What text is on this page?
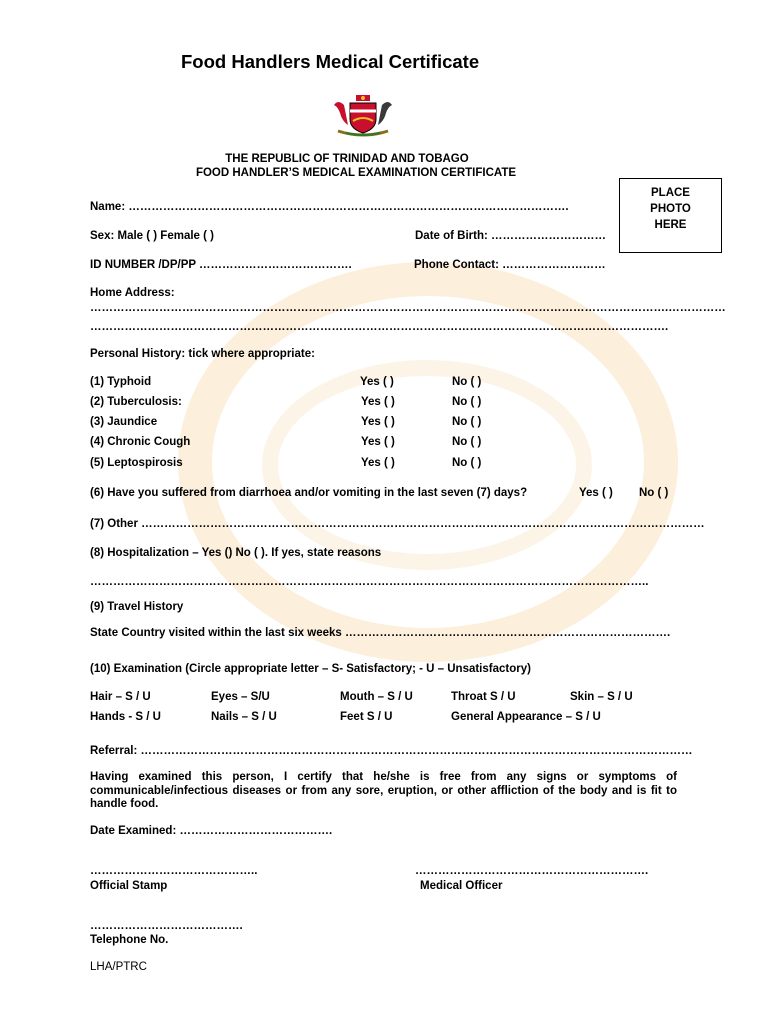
Food Handlers Medical Certificate
THE REPUBLIC OF TRINIDAD AND TOBAGO
FOOD HANDLER’S MEDICAL EXAMINATION CERTIFICATE
PLACE
PHOTO
HERE
Name: …………………………………………………………………………………………………….
Sex: Male ( ) Female ( )	Date of Birth: …………………………
ID NUMBER /DP/PP ………………………………….	Phone Contact: ………………………
Home Address:
…………………………………………………………………………………………………………………………………….……………
…………………………………………………………………………………………………………………………………….
Personal History: tick where appropriate:
(1) Typhoid	Yes ( )	No ( )
(2) Tuberculosis:	Yes ( )	No ( )
(3) Jaundice	Yes ( )	No ( )
(4) Chronic Cough	Yes ( )	No ( )
(5) Leptospirosis	Yes ( )	No ( )
(6) Have you suffered from diarrhoea and/or vomiting in the last seven (7) days?	Yes ( ) No ( )
(7) Other …………………………………………………………………………………………………………………………………
(8) Hospitalization – Yes () No ( ). If yes, state reasons
………………………………………………………………………………………………………………………………..
(9) Travel History
State Country visited within the last six weeks ………………………………………………………………………….
(10) Examination (Circle appropriate letter – S- Satisfactory; - U – Unsatisfactory)
Hair – S / U	Eyes – S/U	Mouth – S / U	Throat S / U	Skin – S / U
Hands - S / U	Nails – S / U	Feet S / U	General Appearance – S / U
Referral: ………………………………………………………………………………………………………………………………
Having examined this person, I certify that he/she is free from any signs or symptoms of communicable/infectious diseases or from any sore, eruption, or other affliction of the body and is fit to handle food.
Date Examined: ………………………………….
……………………………………..
Official Stamp
…………………………………………………….
Medical Officer
………………………………….
Telephone No.
LHA/PTRC
